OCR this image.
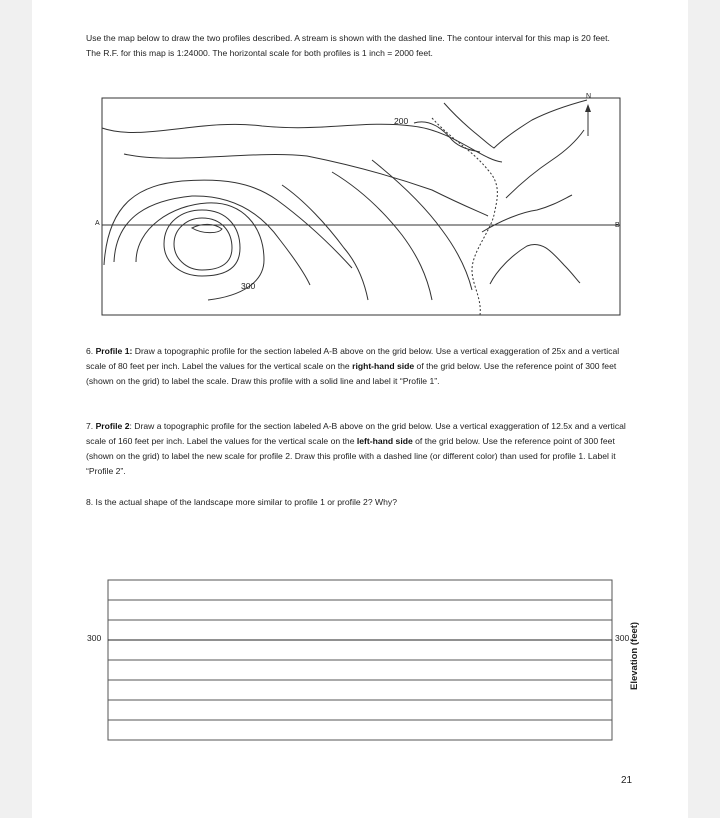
Use the map below to draw the two profiles described. A stream is shown with the dashed line. The contour interval for this map is 20 feet. The R.F. for this map is 1:24000. The horizontal scale for both profiles is 1 inch = 2000 feet.
N
A	B
200
300
6. Profile 1: Draw a topographic profile for the section labeled A-B above on the grid below. Use a vertical exaggeration of 25x and a vertical scale of 80 feet per inch. Label the values for the vertical scale on the right-hand side of the grid below. Use the reference point of 300 feet (shown on the grid) to label the scale. Draw this profile with a solid line and label it “Profile 1”.
7. Profile 2: Draw a topographic profile for the section labeled A-B above on the grid below. Use a vertical exaggeration of 12.5x and a vertical scale of 160 feet per inch. Label the values for the vertical scale on the left-hand side of the grid below. Use the reference point of 300 feet (shown on the grid) to label the new scale for profile 2. Draw this profile with a dashed line (or different color) than used for profile 1. Label it “Profile 2”.
8. Is the actual shape of the landscape more similar to profile 1 or profile 2? Why?
300	300 Elevation (feet)
21
